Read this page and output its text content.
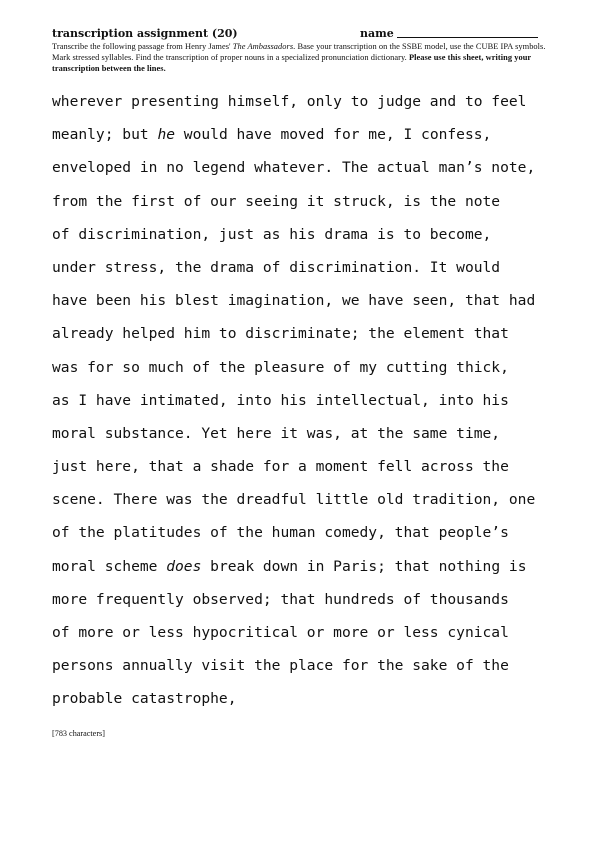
transcription assignment (20)	name
Transcribe the following passage from Henry James' The Ambassadors. Base your transcription on the SSBE model, use the CUBE IPA symbols. Mark stressed syllables. Find the transcription of proper nouns in a specialized pronunciation dictionary. Please use this sheet, writing your transcription between the lines.
wherever presenting himself, only to judge and to feel
meanly; but he would have moved for me, I confess,
enveloped in no legend whatever. The actual man’s note,
from the first of our seeing it struck, is the note
of discrimination, just as his drama is to become,
under stress, the drama of discrimination. It would
have been his blest imagination, we have seen, that had
already helped him to discriminate; the element that
was for so much of the pleasure of my cutting thick,
as I have intimated, into his intellectual, into his
moral substance. Yet here it was, at the same time,
just here, that a shade for a moment fell across the
scene. There was the dreadful little old tradition, one
of the platitudes of the human comedy, that people’s
moral scheme does break down in Paris; that nothing is
more frequently observed; that hundreds of thousands
of more or less hypocritical or more or less cynical
persons annually visit the place for the sake of the
probable catastrophe,
[783 characters]
